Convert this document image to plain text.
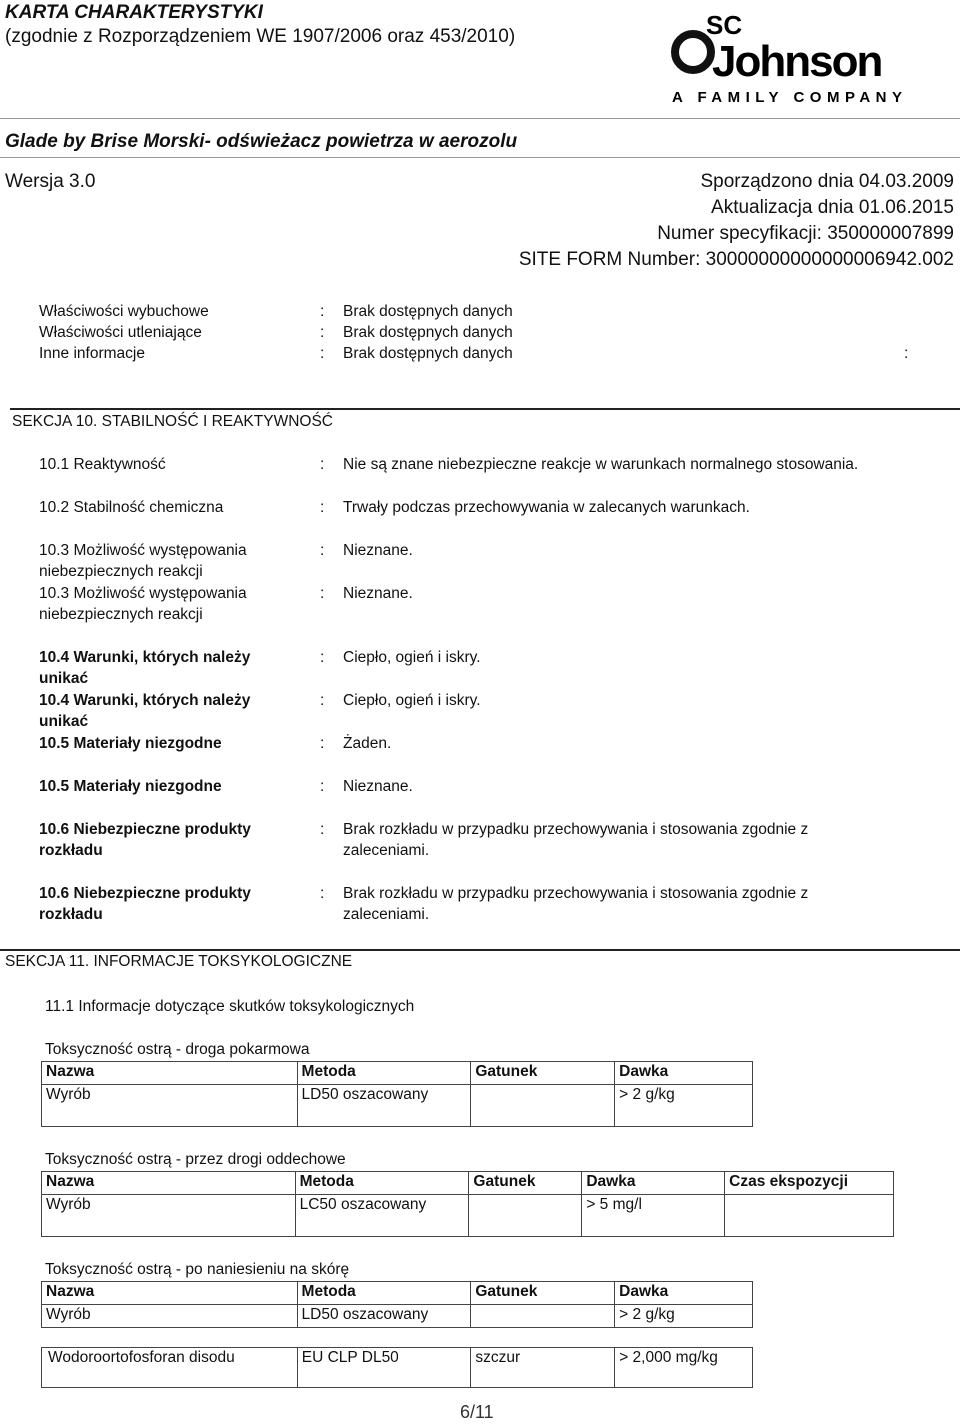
KARTA CHARAKTERYSTYKI
(zgodnie z Rozporządzeniem WE 1907/2006 oraz 453/2010)	SC
Johnson
A FAMILY COMPANY
Glade by Brise Morski- odświeżacz powietrza w aerozolu
Wersja 3.0	Sporządzono dnia 04.03.2009
Aktualizacja dnia 01.06.2015
Numer specyfikacji: 350000007899
SITE FORM Number: 30000000000000006942.002
Właściwości wybuchowe	: Brak dostępnych danych
Właściwości utleniające	: Brak dostępnych danych
Inne informacje	: Brak dostępnych danych	:
SEKCJA 10. STABILNOŚĆ I REAKTYWNOŚĆ
10.1 Reaktywność	: Nie są znane niebezpieczne reakcje w warunkach normalnego stosowania.
10.2 Stabilność chemiczna	: Trwały podczas przechowywania w zalecanych warunkach.
10.3 Możliwość występowania
niebezpiecznych reakcji
: Nieznane.
10.3 Możliwość występowania
niebezpiecznych reakcji
: Nieznane.
10.4 Warunki, których należy
unikać
: Ciepło, ogień i iskry.
10.4 Warunki, których należy
unikać
: Ciepło, ogień i iskry.
10.5 Materiały niezgodne	: Żaden.
10.5 Materiały niezgodne	: Nieznane.
10.6 Niebezpieczne produkty
rozkładu
: Brak rozkładu w przypadku przechowywania i stosowania zgodnie z
zaleceniami.
10.6 Niebezpieczne produkty
rozkładu
: Brak rozkładu w przypadku przechowywania i stosowania zgodnie z
zaleceniami.
SEKCJA 11. INFORMACJE TOKSYKOLOGICZNE
11.1 Informacje dotyczące skutków toksykologicznych
Toksyczność ostrą - droga pokarmowa
Nazwa	Metoda	Gatunek	Dawka
Wyrób	LD50 oszacowany		> 2 g/kg
Toksyczność ostrą - przez drogi oddechowe
Nazwa	Metoda	Gatunek	Dawka	Czas ekspozycji
Wyrób	LC50 oszacowany		> 5 mg/l	
Toksyczność ostrą - po naniesieniu na skórę
Nazwa	Metoda	Gatunek	Dawka
Wyrób	LD50 oszacowany		> 2 g/kg
Wodoroortofosforan disodu	EU CLP DL50	szczur	> 2,000 mg/kg
6/11
